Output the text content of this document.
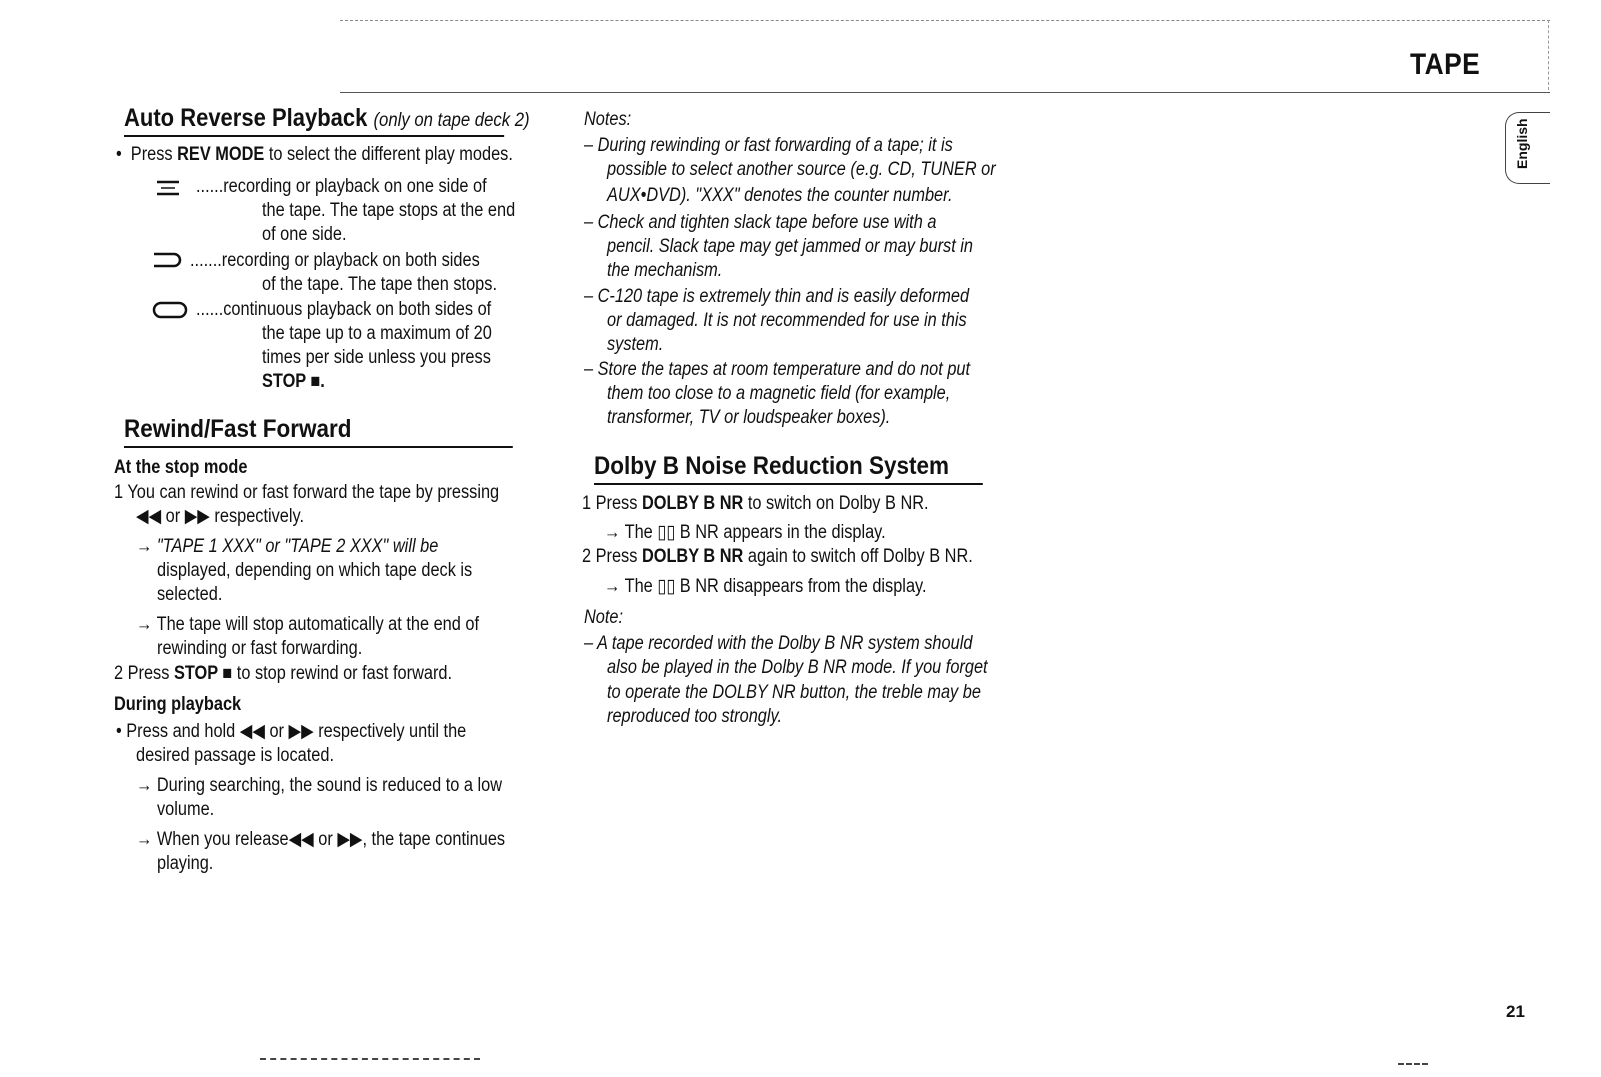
TAPE
English
Auto Reverse Playback (only on tape deck 2)
•  Press REV MODE to select the different play modes.
......recording or playback on one side of
the tape. The tape stops at the end
of one side.
.......recording or playback on both sides
of the tape. The tape then stops.
......continuous playback on both sides of
the tape up to a maximum of 20
times per side unless you press
STOP ■.
Rewind/Fast Forward
At the stop mode
1 You can rewind or fast forward the tape by pressing
◀◀ or ▶▶ respectively.
→ "TAPE 1 XXX" or "TAPE 2 XXX" will be
displayed, depending on which tape deck is
selected.
→ The tape will stop automatically at the end of
rewinding or fast forwarding.
2 Press STOP ■ to stop rewind or fast forward.
During playback
• Press and hold ◀◀ or ▶▶ respectively until the
desired passage is located.
→ During searching, the sound is reduced to a low
volume.
→ When you release◀◀ or ▶▶, the tape continues
playing.
Notes:
– During rewinding or fast forwarding of a tape; it is
possible to select another source (e.g. CD, TUNER or
AUX•DVD). "XXX" denotes the counter number.
– Check and tighten slack tape before use with a
pencil. Slack tape may get jammed or may burst in
the mechanism.
– C-120 tape is extremely thin and is easily deformed
or damaged. It is not recommended for use in this
system.
– Store the tapes at room temperature and do not put
them too close to a magnetic field (for example,
transformer, TV or loudspeaker boxes).
Dolby B Noise Reduction System
1 Press DOLBY B NR to switch on Dolby B NR.
→ The ▯▯ B NR appears in the display.
2 Press DOLBY B NR again to switch off Dolby B NR.
→ The ▯▯ B NR disappears from the display.
Note:
– A tape recorded with the Dolby B NR system should
also be played in the Dolby B NR mode. If you forget
to operate the DOLBY NR button, the treble may be
reproduced too strongly.
21
